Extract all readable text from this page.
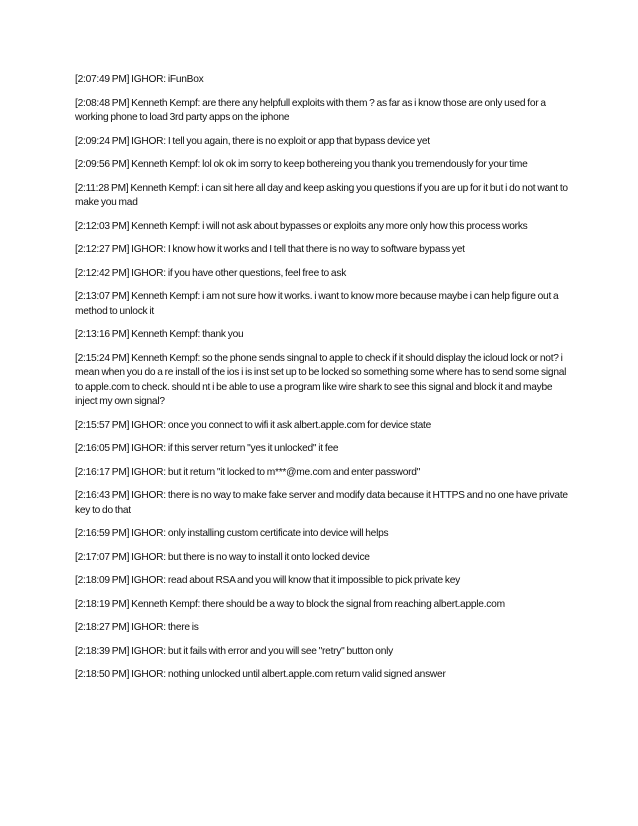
[2:07:49 PM] IGHOR: iFunBox

[2:08:48 PM] Kenneth Kempf: are there any helpfull exploits with them ? as far as i know those are only used for a working phone to load 3rd party apps on the iphone

[2:09:24 PM] IGHOR: I tell you again, there is no exploit or app that bypass device yet

[2:09:56 PM] Kenneth Kempf: lol ok ok im sorry to keep bothereing you thank you tremendously for your time

[2:11:28 PM] Kenneth Kempf: i can sit here all day and keep asking you questions if you are up for it but i do not want to make you mad

[2:12:03 PM] Kenneth Kempf: i will not ask about bypasses or exploits any more only how this process works

[2:12:27 PM] IGHOR: I know how it works and I tell that there is no way to software bypass yet

[2:12:42 PM] IGHOR: if you have other questions, feel free to ask

[2:13:07 PM] Kenneth Kempf: i am not sure how it works. i want to know more because maybe i can help figure out a method to unlock it

[2:13:16 PM] Kenneth Kempf: thank you

[2:15:24 PM] Kenneth Kempf: so the phone sends singnal to apple to check if it should display the icloud lock or not? i mean when you do a re install of the ios i is inst set up to be locked so something some where has to send some signal to apple.com to check. should nt i be able to use a program like wire shark to see this signal and block it and maybe inject my own signal?

[2:15:57 PM] IGHOR: once you connect to wifi it ask albert.apple.com for device state

[2:16:05 PM] IGHOR: if this server return "yes it unlocked" it fee

[2:16:17 PM] IGHOR: but it return "it locked to m***@me.com and enter password"

[2:16:43 PM] IGHOR: there is no way to make fake server and modify data because it HTTPS and no one have private key to do that

[2:16:59 PM] IGHOR: only installing custom certificate into device will helps

[2:17:07 PM] IGHOR: but there is no way to install it onto locked device

[2:18:09 PM] IGHOR: read about RSA and you will know that it impossible to pick private key

[2:18:19 PM] Kenneth Kempf: there should be a way to block the signal from reaching albert.apple.com

[2:18:27 PM] IGHOR: there is

[2:18:39 PM] IGHOR: but it fails with error and you will see "retry" button only

[2:18:50 PM] IGHOR: nothing unlocked until albert.apple.com return valid signed answer
